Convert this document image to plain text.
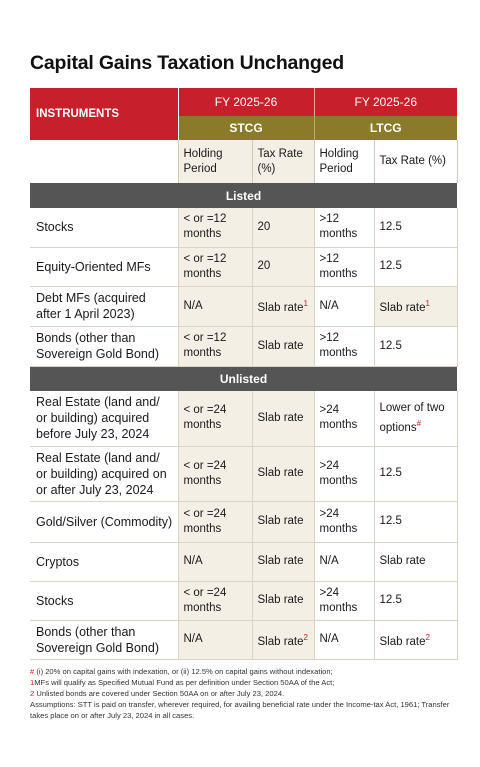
Capital Gains Taxation Unchanged
INSTRUMENTS	FY 2025-26		FY 2025-26	
	STCG		LTCG	
	Holding Period	Tax Rate (%)	Holding Period	Tax Rate (%)
Listed				
Stocks	< or =12 months	20	>12 months	12.5
Equity-Oriented MFs	< or =12 months	20	>12 months	12.5
Debt MFs (acquired after 1 April 2023)	N/A	Slab rate$^1$	N/A	Slab rate$^1$
Bonds (other than Sovereign Gold Bond)	< or =12 months	Slab rate	>12 months	12.5
Unlisted				
Real Estate (land and/ or building) acquired before July 23, 2024	< or =24 months	Slab rate	>24 months	Lower of two options#
Real Estate (land and/ or building) acquired on or after July 23, 2024	< or =24 months	Slab rate	>24 months	12.5
Gold/Silver (Commodity)	< or =24 months	Slab rate	>24 months	12.5
Cryptos	N/A	Slab rate	N/A	Slab rate
Stocks	< or =24 months	Slab rate	>24 months	12.5
Bonds (other than Sovereign Gold Bond)	N/A	Slab rate$^2$	N/A	Slab rate$^2$
# (i) 20% on capital gains with indexation, or (ii) 12.5% on capital gains without indexation;
1MFs will qualify as Specified Mutual Fund as per definition under Section 50AA of the Act;
2 Unlisted bonds are covered under Section 50AA on or after July 23, 2024.
Assumptions: STT is paid on transfer, wherever required, for availing beneficial rate under the Income-tax Act, 1961; Transfer takes place on or after July 23, 2024 in all cases.
